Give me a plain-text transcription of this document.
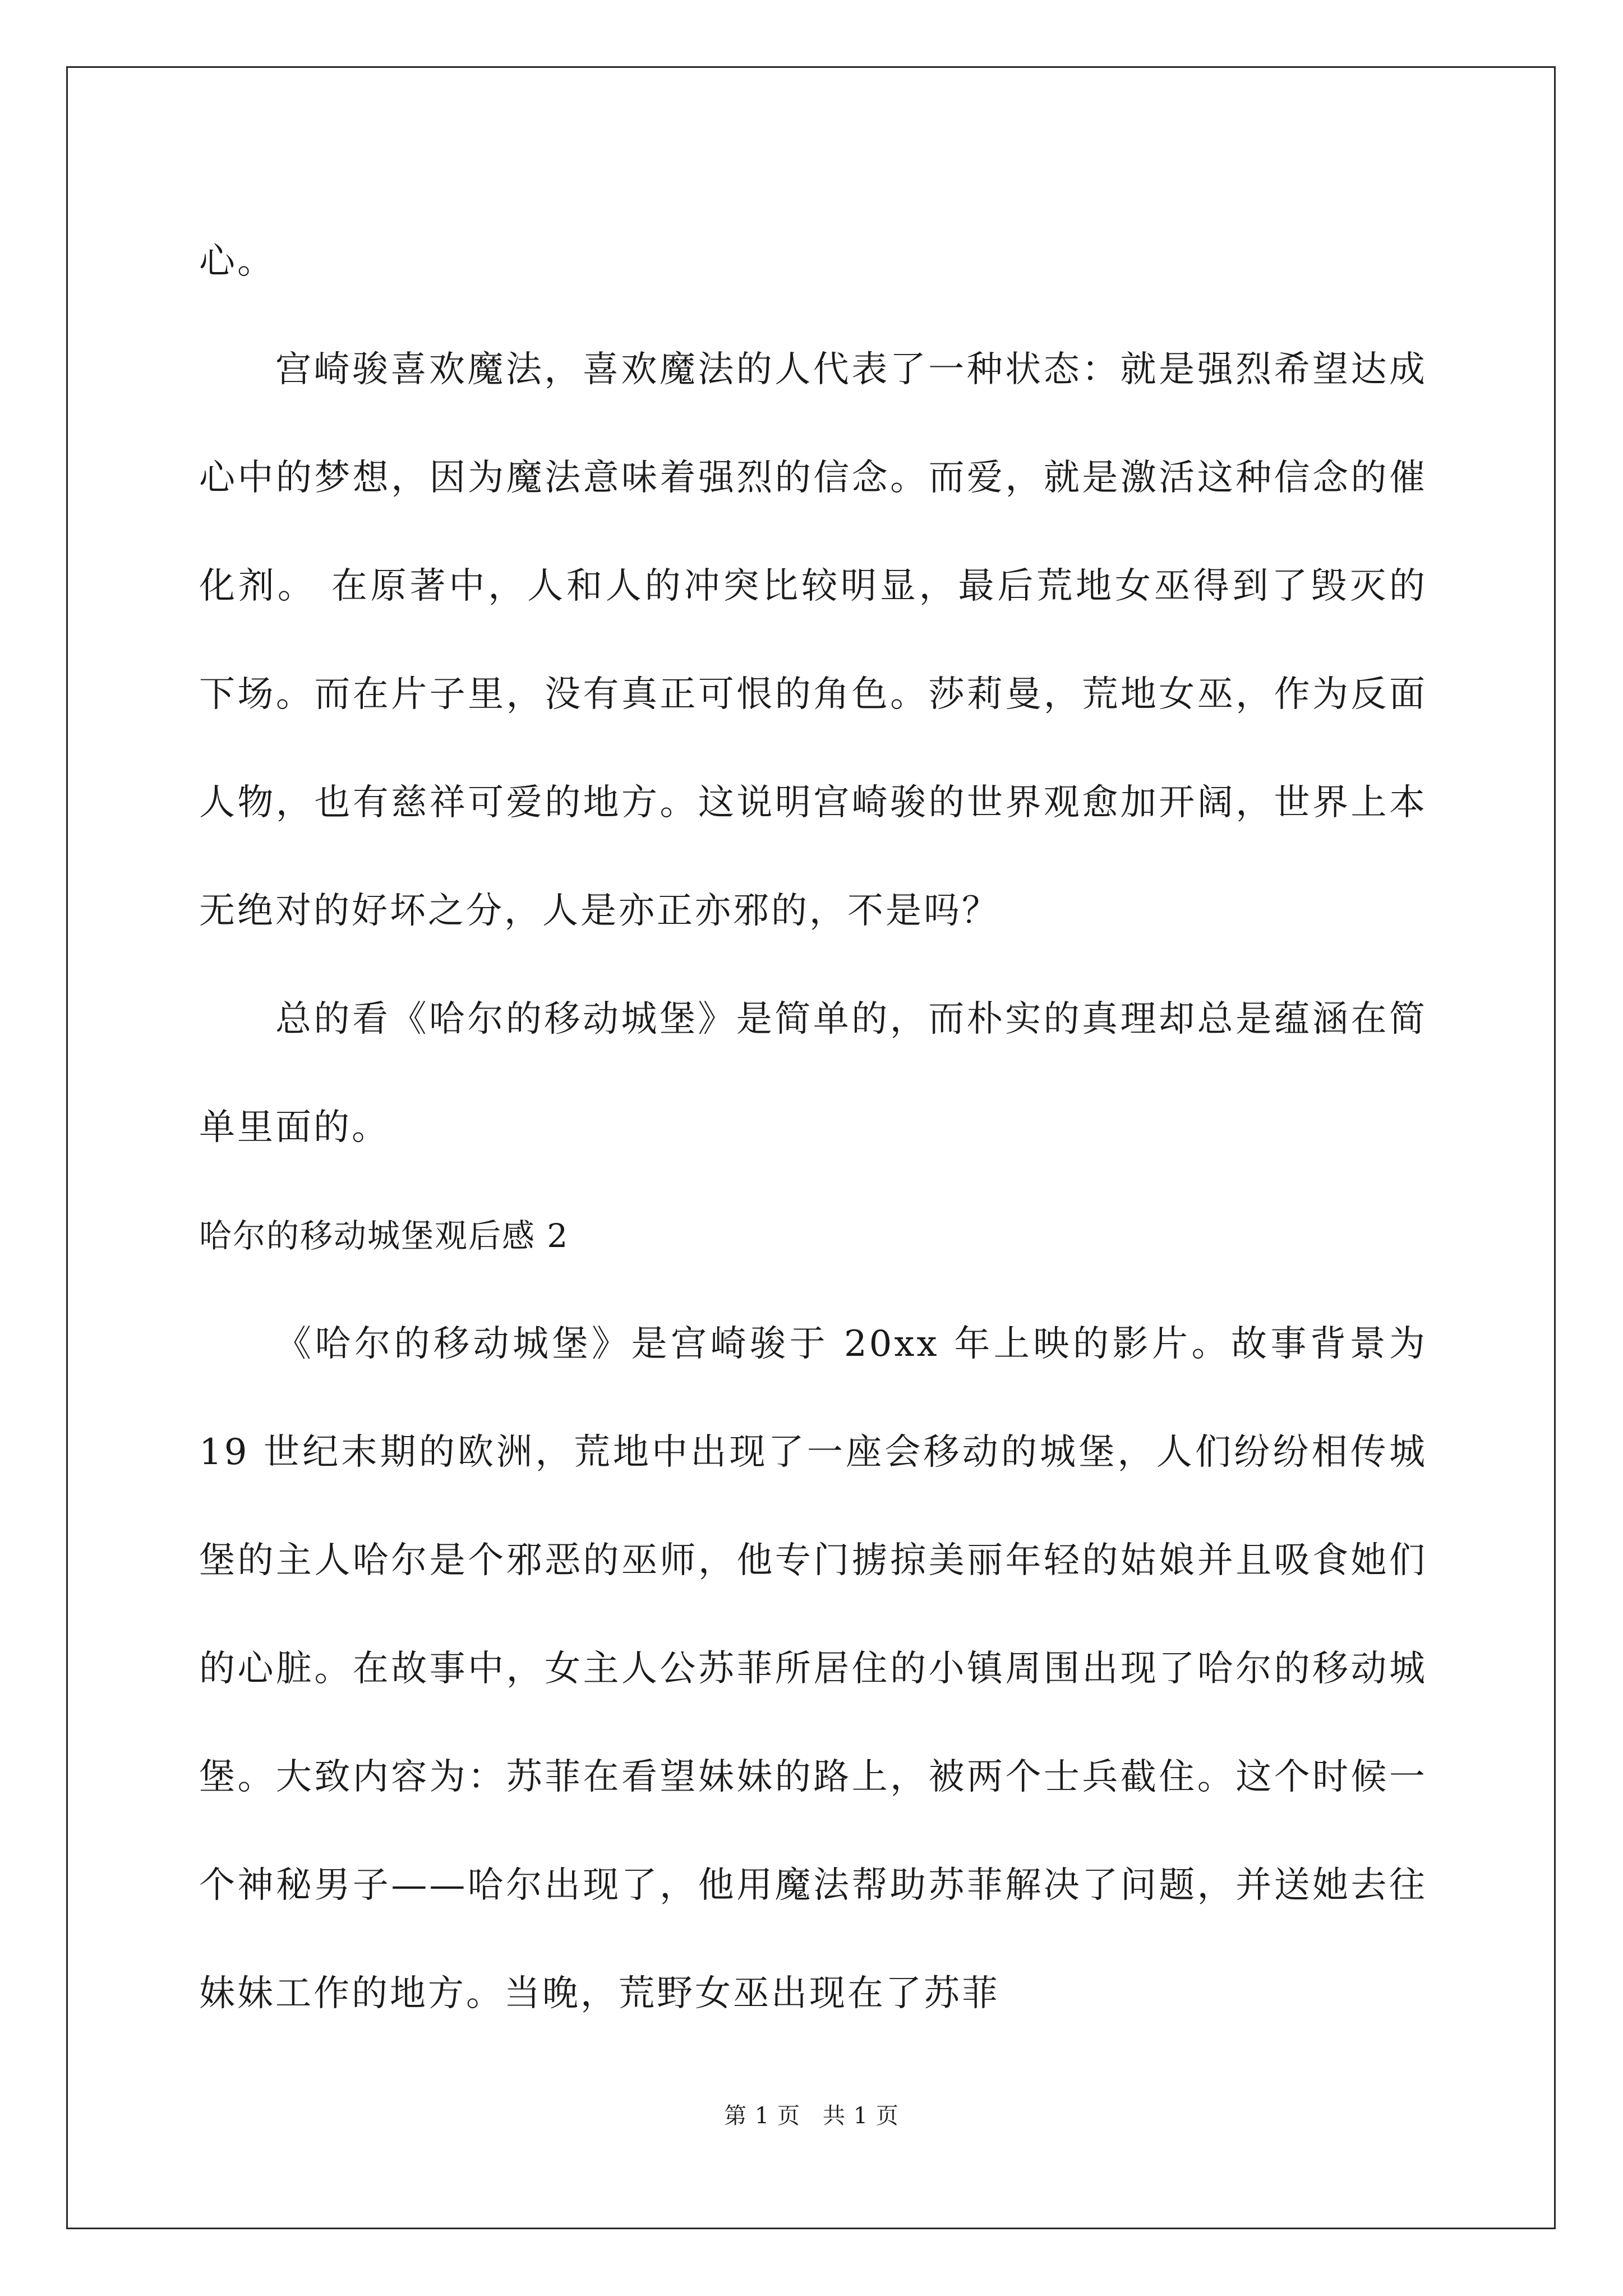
心。

宫崎骏喜欢魔法，喜欢魔法的人代表了一种状态：就是强烈希望达成心中的梦想，因为魔法意味着强烈的信念。而爱，就是激活这种信念的催化剂。 在原著中，人和人的冲突比较明显，最后荒地女巫得到了毁灭的下场。而在片子里，没有真正可恨的角色。莎莉曼，荒地女巫，作为反面人物，也有慈祥可爱的地方。这说明宫崎骏的世界观愈加开阔，世界上本无绝对的好坏之分，人是亦正亦邪的，不是吗？

总的看《哈尔的移动城堡》是简单的，而朴实的真理却总是蕴涵在简单里面的。

哈尔的移动城堡观后感 2

《哈尔的移动城堡》是宫崎骏于 20xx 年上映的影片。故事背景为 19 世纪末期的欧洲，荒地中出现了一座会移动的城堡，人们纷纷相传城堡的主人哈尔是个邪恶的巫师，他专门掳掠美丽年轻的姑娘并且吸食她们的心脏。在故事中，女主人公苏菲所居住的小镇周围出现了哈尔的移动城堡。大致内容为：苏菲在看望妹妹的路上，被两个士兵截住。这个时候一个神秘男子——哈尔出现了，他用魔法帮助苏菲解决了问题，并送她去往妹妹工作的地方。当晚，荒野女巫出现在了苏菲

第 1 页 共 1 页
